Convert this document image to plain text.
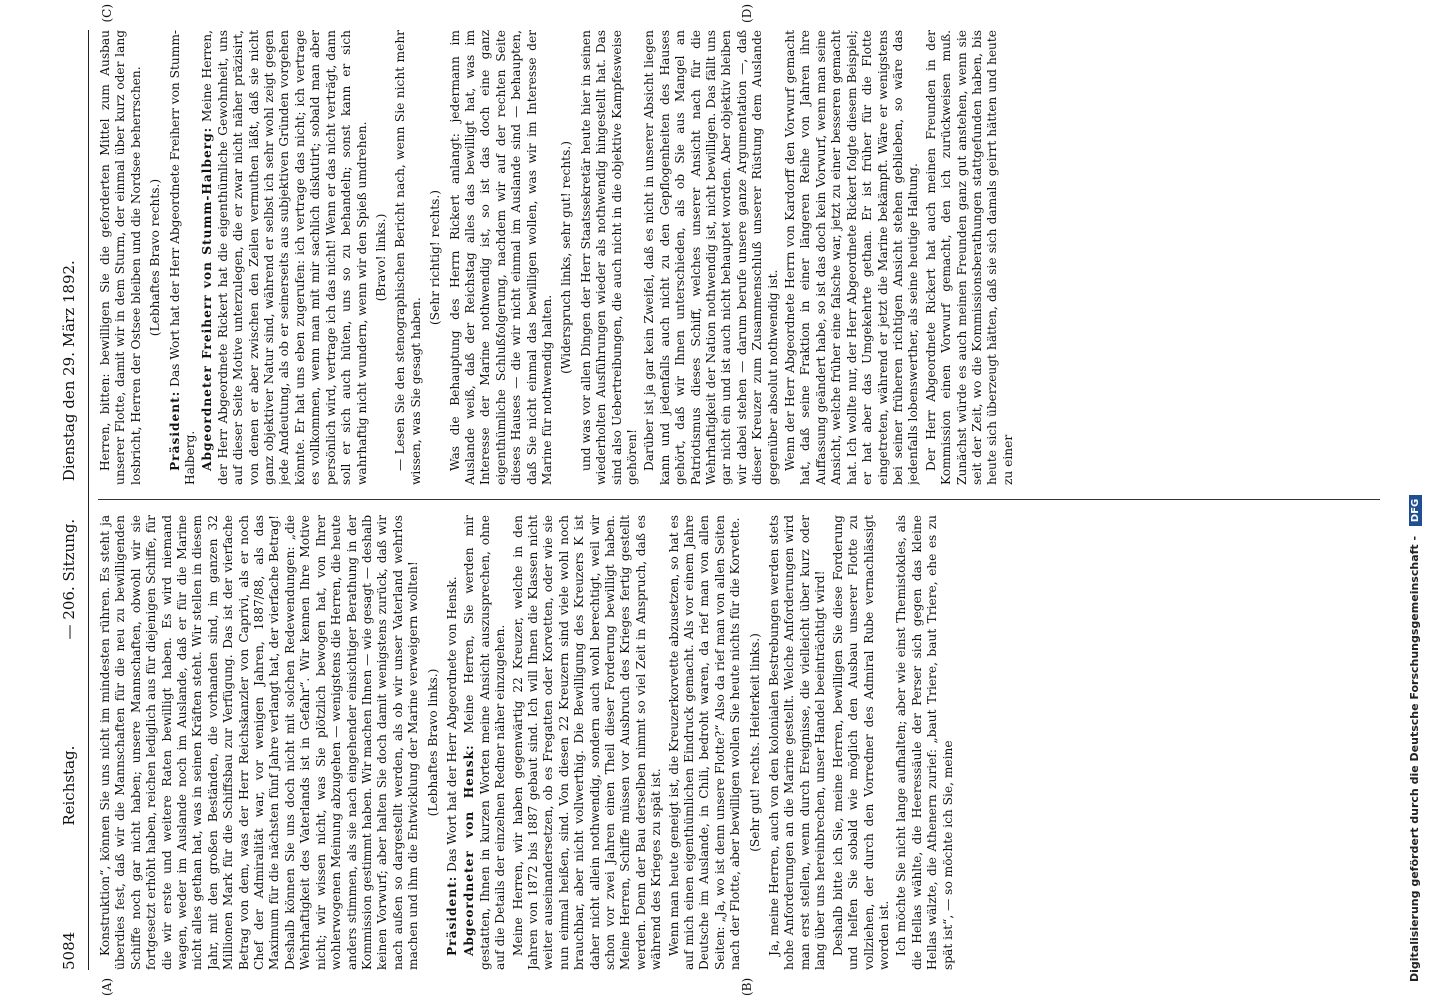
5084
Reichstag.
— 206. Sitzung.
Dienstag den 29. März 1892.
(A)	(B)
(C)	(D)

Konstruktion“, können Sie uns nicht im mindesten rühren. Es steht ja überdies fest, daß wir die Mannschaften für die neu zu bewilligenden Schiffe noch gar nicht haben; unsere Mannschaften, obwohl wir sie fortgesetzt erhöht haben, reichen lediglich aus für diejenigen Schiffe, für die wir erste und weitere Raten bewilligt haben. Es wird niemand wagen, weder im Auslande noch im Auslande, daß er für die Marine nicht alles gethan hat, was in seinen Kräften steht. Wir stellen in diesem Jahr, mit den großen Beständen, die vorhanden sind, im ganzen 32 Millionen Mark für die Schiffsbau zur Verfügung. Das ist der vierfache Betrag von dem, was der Herr Reichskanzler von Caprivi, als er noch Chef der Admiralität war, vor wenigen Jahren, 1887/88, als das Maximum für die nächsten fünf Jahre verlangt hat, der vierfache Betrag! Deshalb können Sie uns doch nicht mit solchen Redewendungen: „die Wehrhaftigkeit des Vaterlands ist in Gefahr“. Wir kennen Ihre Motive nicht; wir wissen nicht, was Sie plötzlich bewogen hat, von Ihrer wohlerwogenen Meinung abzugehen — wenigstens die Herren, die heute anders stimmen, als sie nach eingehender einsichtiger Berathung in der Kommission gestimmt haben. Wir machen Ihnen — wie gesagt — deshalb keinen Vorwurf; aber halten Sie doch damit wenigstens zurück, daß wir nach außen so dargestellt werden, als ob wir unser Vaterland wehrlos machen und ihm die Entwicklung der Marine verweigern wollten! (Lebhaftes Bravo links.)

Präsident: Das Wort hat der Herr Abgeordnete von Hensk. Abgeordneter von Hensk: Meine Herren, Sie werden mir gestatten, Ihnen in kurzen Worten meine Ansicht auszusprechen, ohne auf die Details der einzelnen Redner näher einzugehen. Meine Herren, wir haben gegenwärtig 22 Kreuzer, welche in den Jahren von 1872 bis 1887 gebaut sind. Ich will Ihnen die Klassen nicht weiter auseinandersetzen, ob es Fregatten oder Korvetten, oder wie sie nun einmal heißen, sind. Von diesen 22 Kreuzern sind viele wohl noch brauchbar, aber nicht vollwerthig. Die Bewilligung des Kreuzers K ist daher nicht allein nothwendig, sondern auch wohl berechtigt, weil wir schon vor zwei Jahren einen Theil dieser Forderung bewilligt haben. Meine Herren, Schiffe müssen vor Ausbruch des Krieges fertig gestellt werden. Denn der Bau derselben nimmt so viel Zeit in Anspruch, daß es während des Krieges zu spät ist. Wenn man heute geneigt ist, die Kreuzerkorvette abzusetzen, so hat es auf mich einen eigenthümlichen Eindruck gemacht. Als vor einem Jahre Deutsche im Auslande, in Chili, bedroht waren, da rief man von allen Seiten: „Ja, wo ist denn unsere Flotte?“ Also da rief man von allen Seiten nach der Flotte, aber bewilligen wollen Sie heute nichts für die Korvette. (Sehr gut! rechts. Heiterkeit links.) Ja, meine Herren, auch von den kolonialen Bestrebungen werden stets hohe Anforderungen an die Marine gestellt. Welche Anforderungen wird man erst stellen, wenn durch Ereignisse, die vielleicht über kurz oder lang über uns hereinbrechen, unser Handel beeinträchtigt wird! Deshalb bitte ich Sie, meine Herren, bewilligen Sie diese Forderung und helfen Sie sobald wie möglich den Ausbau unserer Flotte zu vollziehen, der durch den Vorredner des Admiral Rube vernachlässigt worden ist. Ich möchte Sie nicht lange aufhalten; aber wie einst Themistokles, als die Hellas wählte, die Heeressäule der Perser sich gegen das kleine Hellas wälzte, die Athenern zurief: „baut Triere, baut Triere, ehe es zu spät ist“, — so möchte ich Sie, meine

Herren, bitten: bewilligen Sie die geforderten Mittel zum Ausbau unserer Flotte, damit wir in dem Sturm, der einmal über kurz oder lang losbricht, Herren der Ostsee bleiben und die Nordsee beherrschen. (Lebhaftes Bravo rechts.)

Präsident: Das Wort hat der Herr Abgeordnete Freiherr von Stumm-Halberg. Abgeordneter Freiherr von Stumm-Halberg: Meine Herren, der Herr Abgeordnete Rickert hat die eigenthümliche Gewohnheit, uns auf dieser Seite Motive unterzulegen, die er zwar nicht näher präzisirt, von denen er aber zwischen den Zeilen vermuthen läßt, daß sie nicht ganz objektiver Natur sind, während er selbst ich sehr wohl zeigt gegen jede Andeutung, als ob er seinerseits aus subjektiven Gründen vorgehen könnte. Er hat uns eben zugerufen: ich vertrage das nicht; ich vertrage es vollkommen, wenn man mit mir sachlich diskutirt; sobald man aber persönlich wird, vertrage ich das nicht! Wenn er das nicht verträgt, dann soll er sich auch hüten, uns so zu behandeln; sonst kann er sich wahrhaftig nicht wundern, wenn wir den Spieß umdrehen. (Bravo! links.) — Lesen Sie den stenographischen Bericht nach, wenn Sie nicht mehr wissen, was Sie gesagt haben.

(Sehr richtig! rechts.) Was die Behauptung des Herrn Rickert anlangt: jedermann im Auslande weiß, daß der Reichstag alles das bewilligt hat, was im Interesse der Marine nothwendig ist, so ist das doch eine ganz eigenthümliche Schlußfolgerung, nachdem wir auf der rechten Seite dieses Hauses — die wir nicht einmal im Auslande sind — behaupten, daß Sie nicht einmal das bewilligen wollen, was wir im Interesse der Marine für nothwendig halten.

(Widerspruch links, sehr gut! rechts.) und was vor allen Dingen der Herr Staatssekretär heute hier in seinen wiederholten Ausführungen wieder als nothwendig hingestellt hat. Das sind also Uebertreibungen, die auch nicht in die objektive Kampfesweise gehören! Darüber ist ja gar kein Zweifel, daß es nicht in unserer Absicht liegen kann und jedenfalls auch nicht zu den Gepflogenheiten des Hauses gehört, daß wir Ihnen unterschieden, als ob Sie aus Mangel an Patriotismus dieses Schiff, welches unserer Ansicht nach für die Wehrhaftigkeit der Nation nothwendig ist, nicht bewilligen. Das fällt uns gar nicht ein und ist auch nicht behauptet worden. Aber objektiv bleiben wir dabei stehen — darum berufe unsere ganze Argumentation —, daß dieser Kreuzer zum Zusammenschluß unserer Rüstung dem Auslande gegenüber absolut nothwendig ist. Wenn der Herr Abgeordnete Herrn von Kardorff den Vorwurf gemacht hat, daß seine Fraktion in einer längeren Reihe von Jahren ihre Auffassung geändert habe, so ist das doch kein Vorwurf, wenn man seine Ansicht, welche früher eine falsche war, jetzt zu einer besseren gemacht hat. Ich wollte nur, der Herr Abgeordnete Rickert folgte diesem Beispiel; er hat aber das Umgekehrte gethan. Er ist früher für die Flotte eingetreten, während er jetzt die Marine bekämpft. Wäre er wenigstens bei seiner früheren richtigen Ansicht stehen geblieben, so wäre das jedenfalls lobenswerther, als seine heutige Haltung. Der Herr Abgeordnete Rickert hat auch meinen Freunden in der Kommission einen Vorwurf gemacht, den ich zurückweisen muß. Zunächst würde es auch meinen Freunden ganz gut anstehen, wenn sie seit der Zeit, wo die Kommissionsberathungen stattgefunden haben, bis heute sich überzeugt hätten, daß sie sich damals geirrt hätten und heute zu einer

Digitalisierung gefördert durch die Deutsche Forschungsgemeinschaft - DFG
